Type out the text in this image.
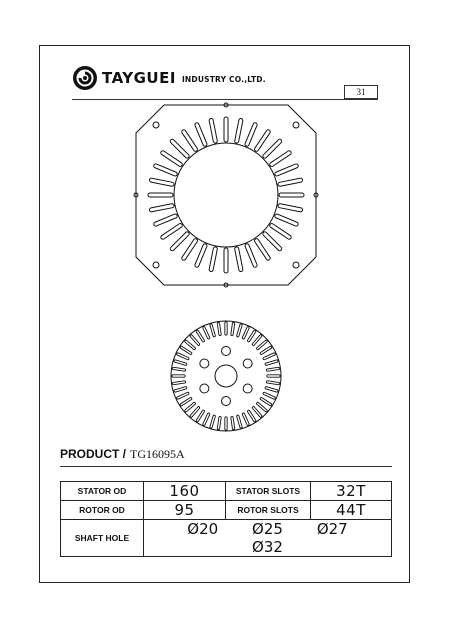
TAYGUEI INDUSTRY CO.,LTD.
31
PRODUCT / TG16095A
STATOR OD	160	STATOR SLOTS	32T
ROTOR OD	95	ROTOR SLOTS	44T
SHAFT HOLE	Ø20 Ø25 Ø27 Ø32		
